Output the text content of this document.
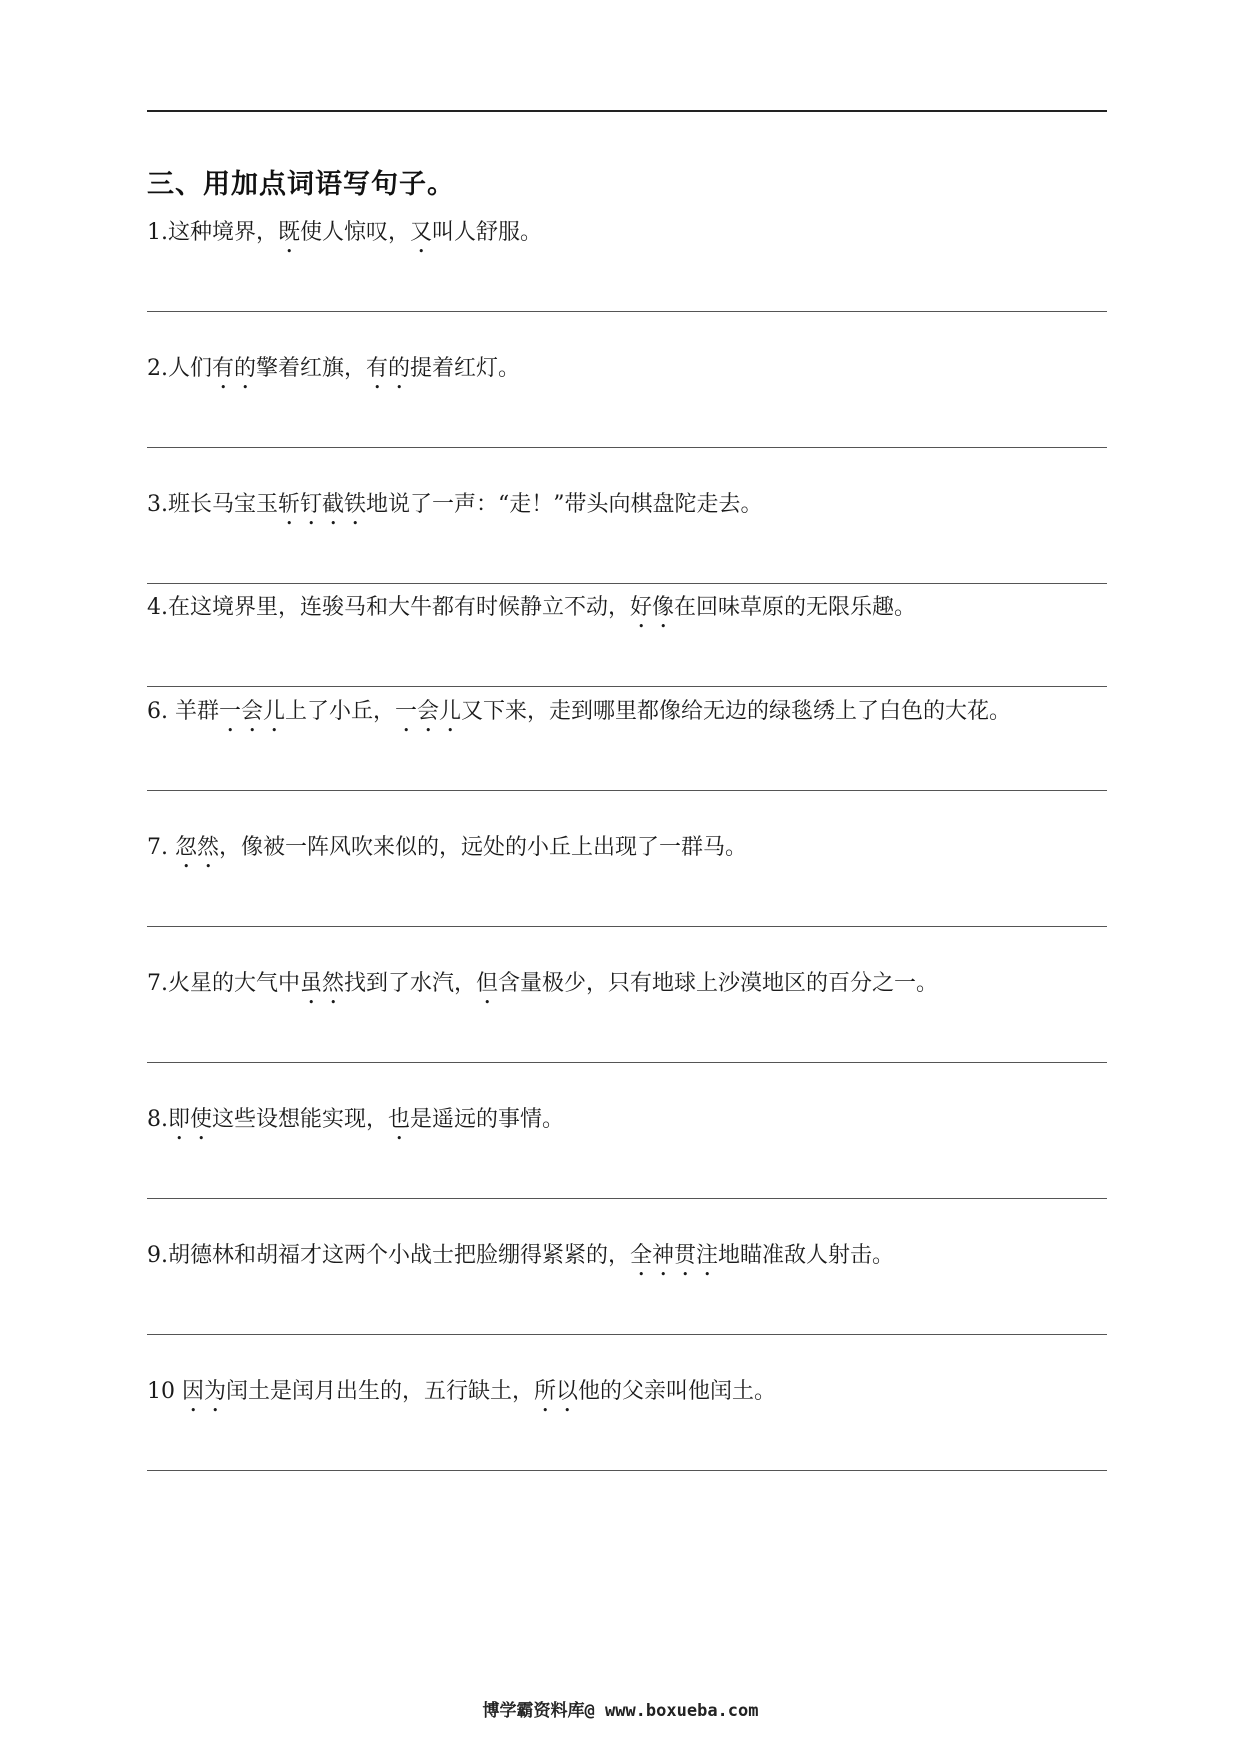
三、用加点词语写句子。
1.这种境界，既使人惊叹，又叫人舒服。
2.人们有的擎着红旗，有的提着红灯。
3.班长马宝玉斩钉截铁地说了一声：“走！”带头向棋盘陀走去。
4.在这境界里，连骏马和大牛都有时候静立不动，好像在回味草原的无限乐趣。
6. 羊群一会儿上了小丘，一会儿又下来，走到哪里都像给无边的绿毯绣上了白色的大花。
7. 忽然，像被一阵风吹来似的，远处的小丘上出现了一群马。
7.火星的大气中虽然找到了水汽，但含量极少，只有地球上沙漠地区的百分之一。
8.即使这些设想能实现，也是遥远的事情。
9.胡德林和胡福才这两个小战士把脸绷得紧紧的，全神贯注地瞄准敌人射击。
10 因为闰土是闰月出生的，五行缺土，所以他的父亲叫他闰土。
博学霸资料库@ www.boxueba.com
